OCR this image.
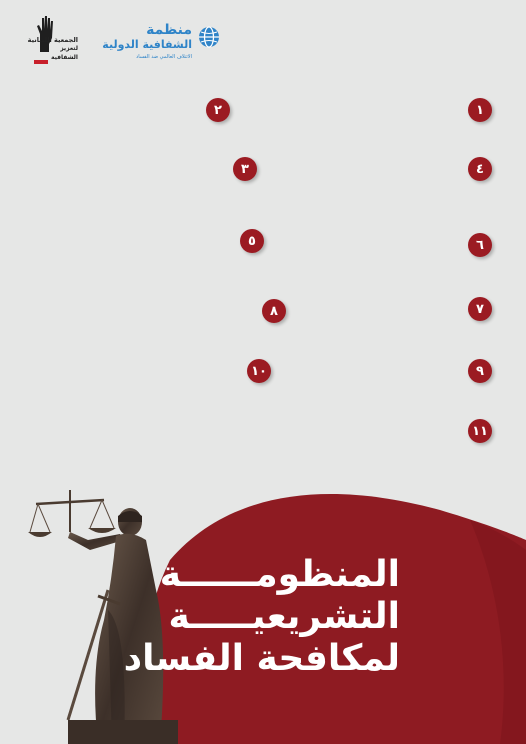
منظمة
الشفافية الدولية
الائتلاف العالمي ضد الفساد
الجمعية اللبنانية
لتعزيز
الشفافية
١
٢
٤
٣
٦
٥
٧
٨
٩
١٠
١١
المنظومــــــة
التشريعيـــــة
لمكافحة الفساد
